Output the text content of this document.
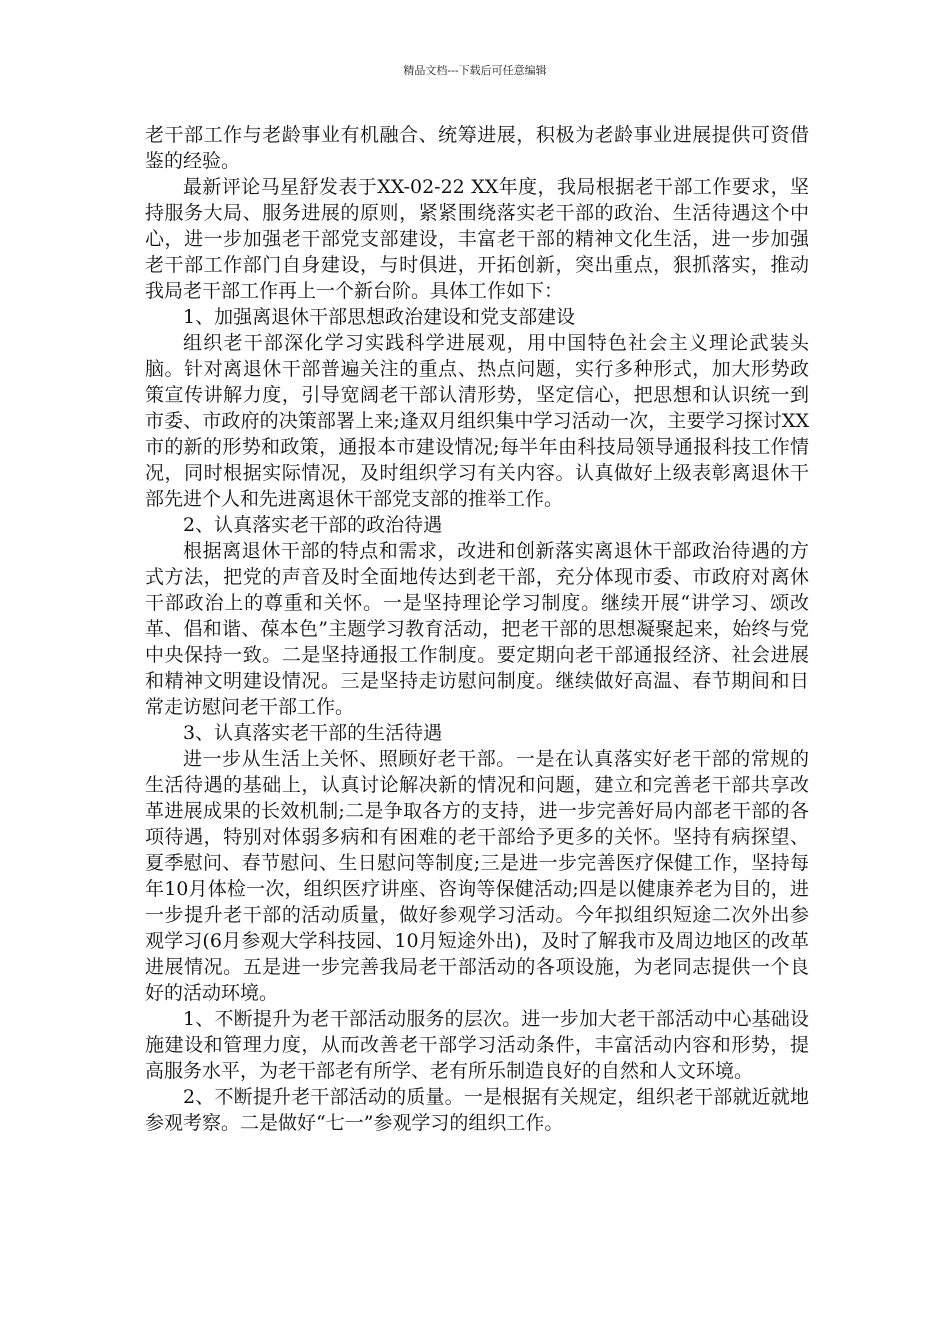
精品文档---下载后可任意编辑

老干部工作与老龄事业有机融合、统筹进展，积极为老龄事业进展提供可资借鉴的经验。

最新评论马星舒发表于XX-02-22 XX年度，我局根据老干部工作要求，坚持服务大局、服务进展的原则，紧紧围绕落实老干部的政治、生活待遇这个中心，进一步加强老干部党支部建设，丰富老干部的精神文化生活，进一步加强老干部工作部门自身建设，与时俱进，开拓创新，突出重点，狠抓落实，推动我局老干部工作再上一个新台阶。具体工作如下：

1、加强离退休干部思想政治建设和党支部建设

组织老干部深化学习实践科学进展观，用中国特色社会主义理论武装头脑。针对离退休干部普遍关注的重点、热点问题，实行多种形式，加大形势政策宣传讲解力度，引导宽阔老干部认清形势，坚定信心，把思想和认识统一到市委、市政府的决策部署上来;逢双月组织集中学习活动一次，主要学习探讨XX市的新的形势和政策，通报本市建设情况;每半年由科技局领导通报科技工作情况，同时根据实际情况，及时组织学习有关内容。认真做好上级表彰离退休干部先进个人和先进离退休干部党支部的推举工作。

2、认真落实老干部的政治待遇

根据离退休干部的特点和需求，改进和创新落实离退休干部政治待遇的方式方法，把党的声音及时全面地传达到老干部，充分体现市委、市政府对离休干部政治上的尊重和关怀。一是坚持理论学习制度。继续开展“讲学习、颂改革、倡和谐、葆本色”主题学习教育活动，把老干部的思想凝聚起来，始终与党中央保持一致。二是坚持通报工作制度。要定期向老干部通报经济、社会进展和精神文明建设情况。三是坚持走访慰问制度。继续做好高温、春节期间和日常走访慰问老干部工作。

3、认真落实老干部的生活待遇

进一步从生活上关怀、照顾好老干部。一是在认真落实好老干部的常规的生活待遇的基础上，认真讨论解决新的情况和问题，建立和完善老干部共享改革进展成果的长效机制;二是争取各方的支持，进一步完善好局内部老干部的各项待遇，特别对体弱多病和有困难的老干部给予更多的关怀。坚持有病探望、夏季慰问、春节慰问、生日慰问等制度;三是进一步完善医疗保健工作，坚持每年10月体检一次，组织医疗讲座、咨询等保健活动;四是以健康养老为目的，进一步提升老干部的活动质量，做好参观学习活动。今年拟组织短途二次外出参观学习(6月参观大学科技园、10月短途外出)，及时了解我市及周边地区的改革进展情况。五是进一步完善我局老干部活动的各项设施，为老同志提供一个良好的活动环境。

1、不断提升为老干部活动服务的层次。进一步加大老干部活动中心基础设施建设和管理力度，从而改善老干部学习活动条件，丰富活动内容和形势，提高服务水平，为老干部老有所学、老有所乐制造良好的自然和人文环境。

2、不断提升老干部活动的质量。一是根据有关规定，组织老干部就近就地参观考察。二是做好“七一”参观学习的组织工作。
